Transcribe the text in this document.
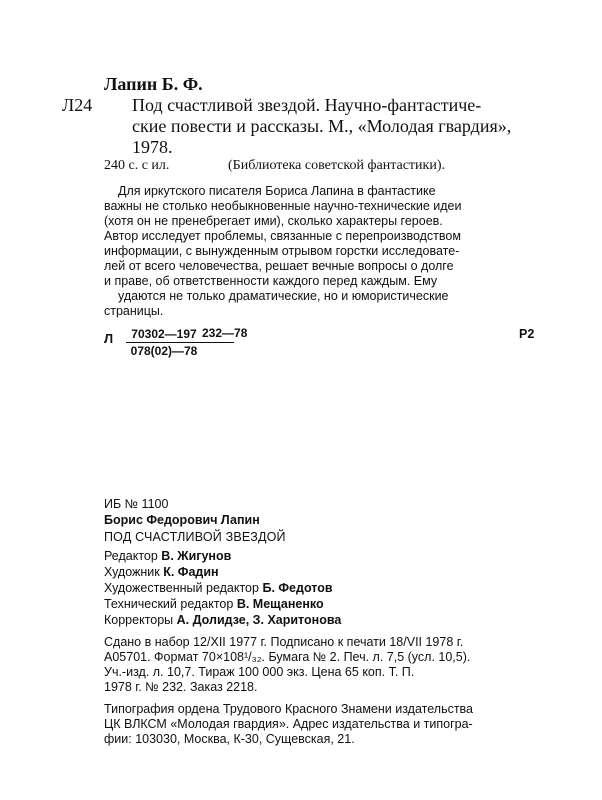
Лапин Б. Ф.
Л24 Под счастливой звездой. Научно-фантастиче-
ские повести и рассказы. М., «Молодая гвардия»,
1978.
240 с. с ил.	(Библиотека советской фантастики).
Для иркутского писателя Бориса Лапина в фантастике
важны не столько необыкновенные научно-технические идеи
(хотя он не пренебрегает ими), сколько характеры героев.
Автор исследует проблемы, связанные с перепроизводством
информации, с вынужденным отрывом горстки исследовате-
лей от всего человечества, решает вечные вопросы о долге
и праве, об ответственности каждого перед каждым. Ему
удаются не только драматические, но и юмористические
страницы.
Л $\frac{70302—197}{078(02)—78}$ 232—78	Р2
ИБ № 1100
Борис Федорович Лапин
ПОД СЧАСТЛИВОЙ ЗВЕЗДОЙ
Редактор В. Жигунов
Художник К. Фадин
Художественный редактор Б. Федотов
Технический редактор В. Мещаненко
Корректоры А. Долидзе, З. Харитонова
Сдано в набор 12/XII 1977 г. Подписано к печати 18/VII 1978 г.
А05701. Формат 70×108¹/₃₂. Бумага № 2. Печ. л. 7,5 (усл. 10,5).
Уч.-изд. л. 10,7. Тираж 100 000 экз. Цена 65 коп. Т. П.
1978 г. № 232. Заказ 2218.
Типография ордена Трудового Красного Знамени издательства
ЦК ВЛКСМ «Молодая гвардия». Адрес издательства и типогра-
фии: 103030, Москва, К-30, Сущевская, 21.
